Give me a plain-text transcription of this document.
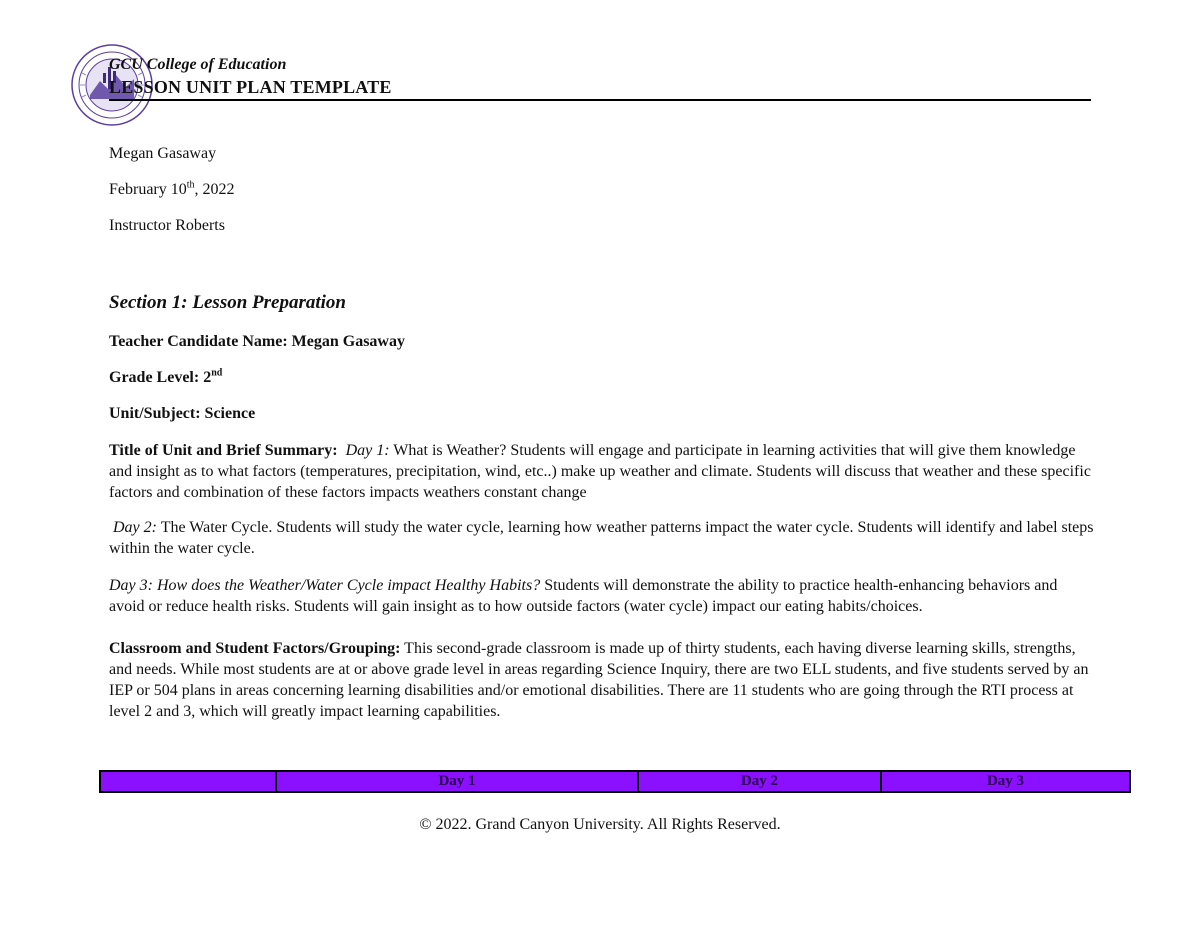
GCU College of Education
LESSON UNIT PLAN TEMPLATE
Megan Gasaway
February 10th, 2022
Instructor Roberts
Section 1: Lesson Preparation
Teacher Candidate Name: Megan Gasaway
Grade Level: 2nd
Unit/Subject: Science
Title of Unit and Brief Summary: Day 1: What is Weather? Students will engage and participate in learning activities that will give them knowledge and insight as to what factors (temperatures, precipitation, wind, etc..) make up weather and climate. Students will discuss that weather and these specific factors and combination of these factors impacts weathers constant change
Day 2: The Water Cycle. Students will study the water cycle, learning how weather patterns impact the water cycle. Students will identify and label steps within the water cycle.
Day 3: How does the Weather/Water Cycle impact Healthy Habits? Students will demonstrate the ability to practice health-enhancing behaviors and avoid or reduce health risks. Students will gain insight as to how outside factors (water cycle) impact our eating habits/choices.
Classroom and Student Factors/Grouping: This second-grade classroom is made up of thirty students, each having diverse learning skills, strengths, and needs. While most students are at or above grade level in areas regarding Science Inquiry, there are two ELL students, and five students served by an IEP or 504 plans in areas concerning learning disabilities and/or emotional disabilities. There are 11 students who are going through the RTI process at level 2 and 3, which will greatly impact learning capabilities.
	Day 1	Day 2	Day 3
© 2022. Grand Canyon University. All Rights Reserved.
